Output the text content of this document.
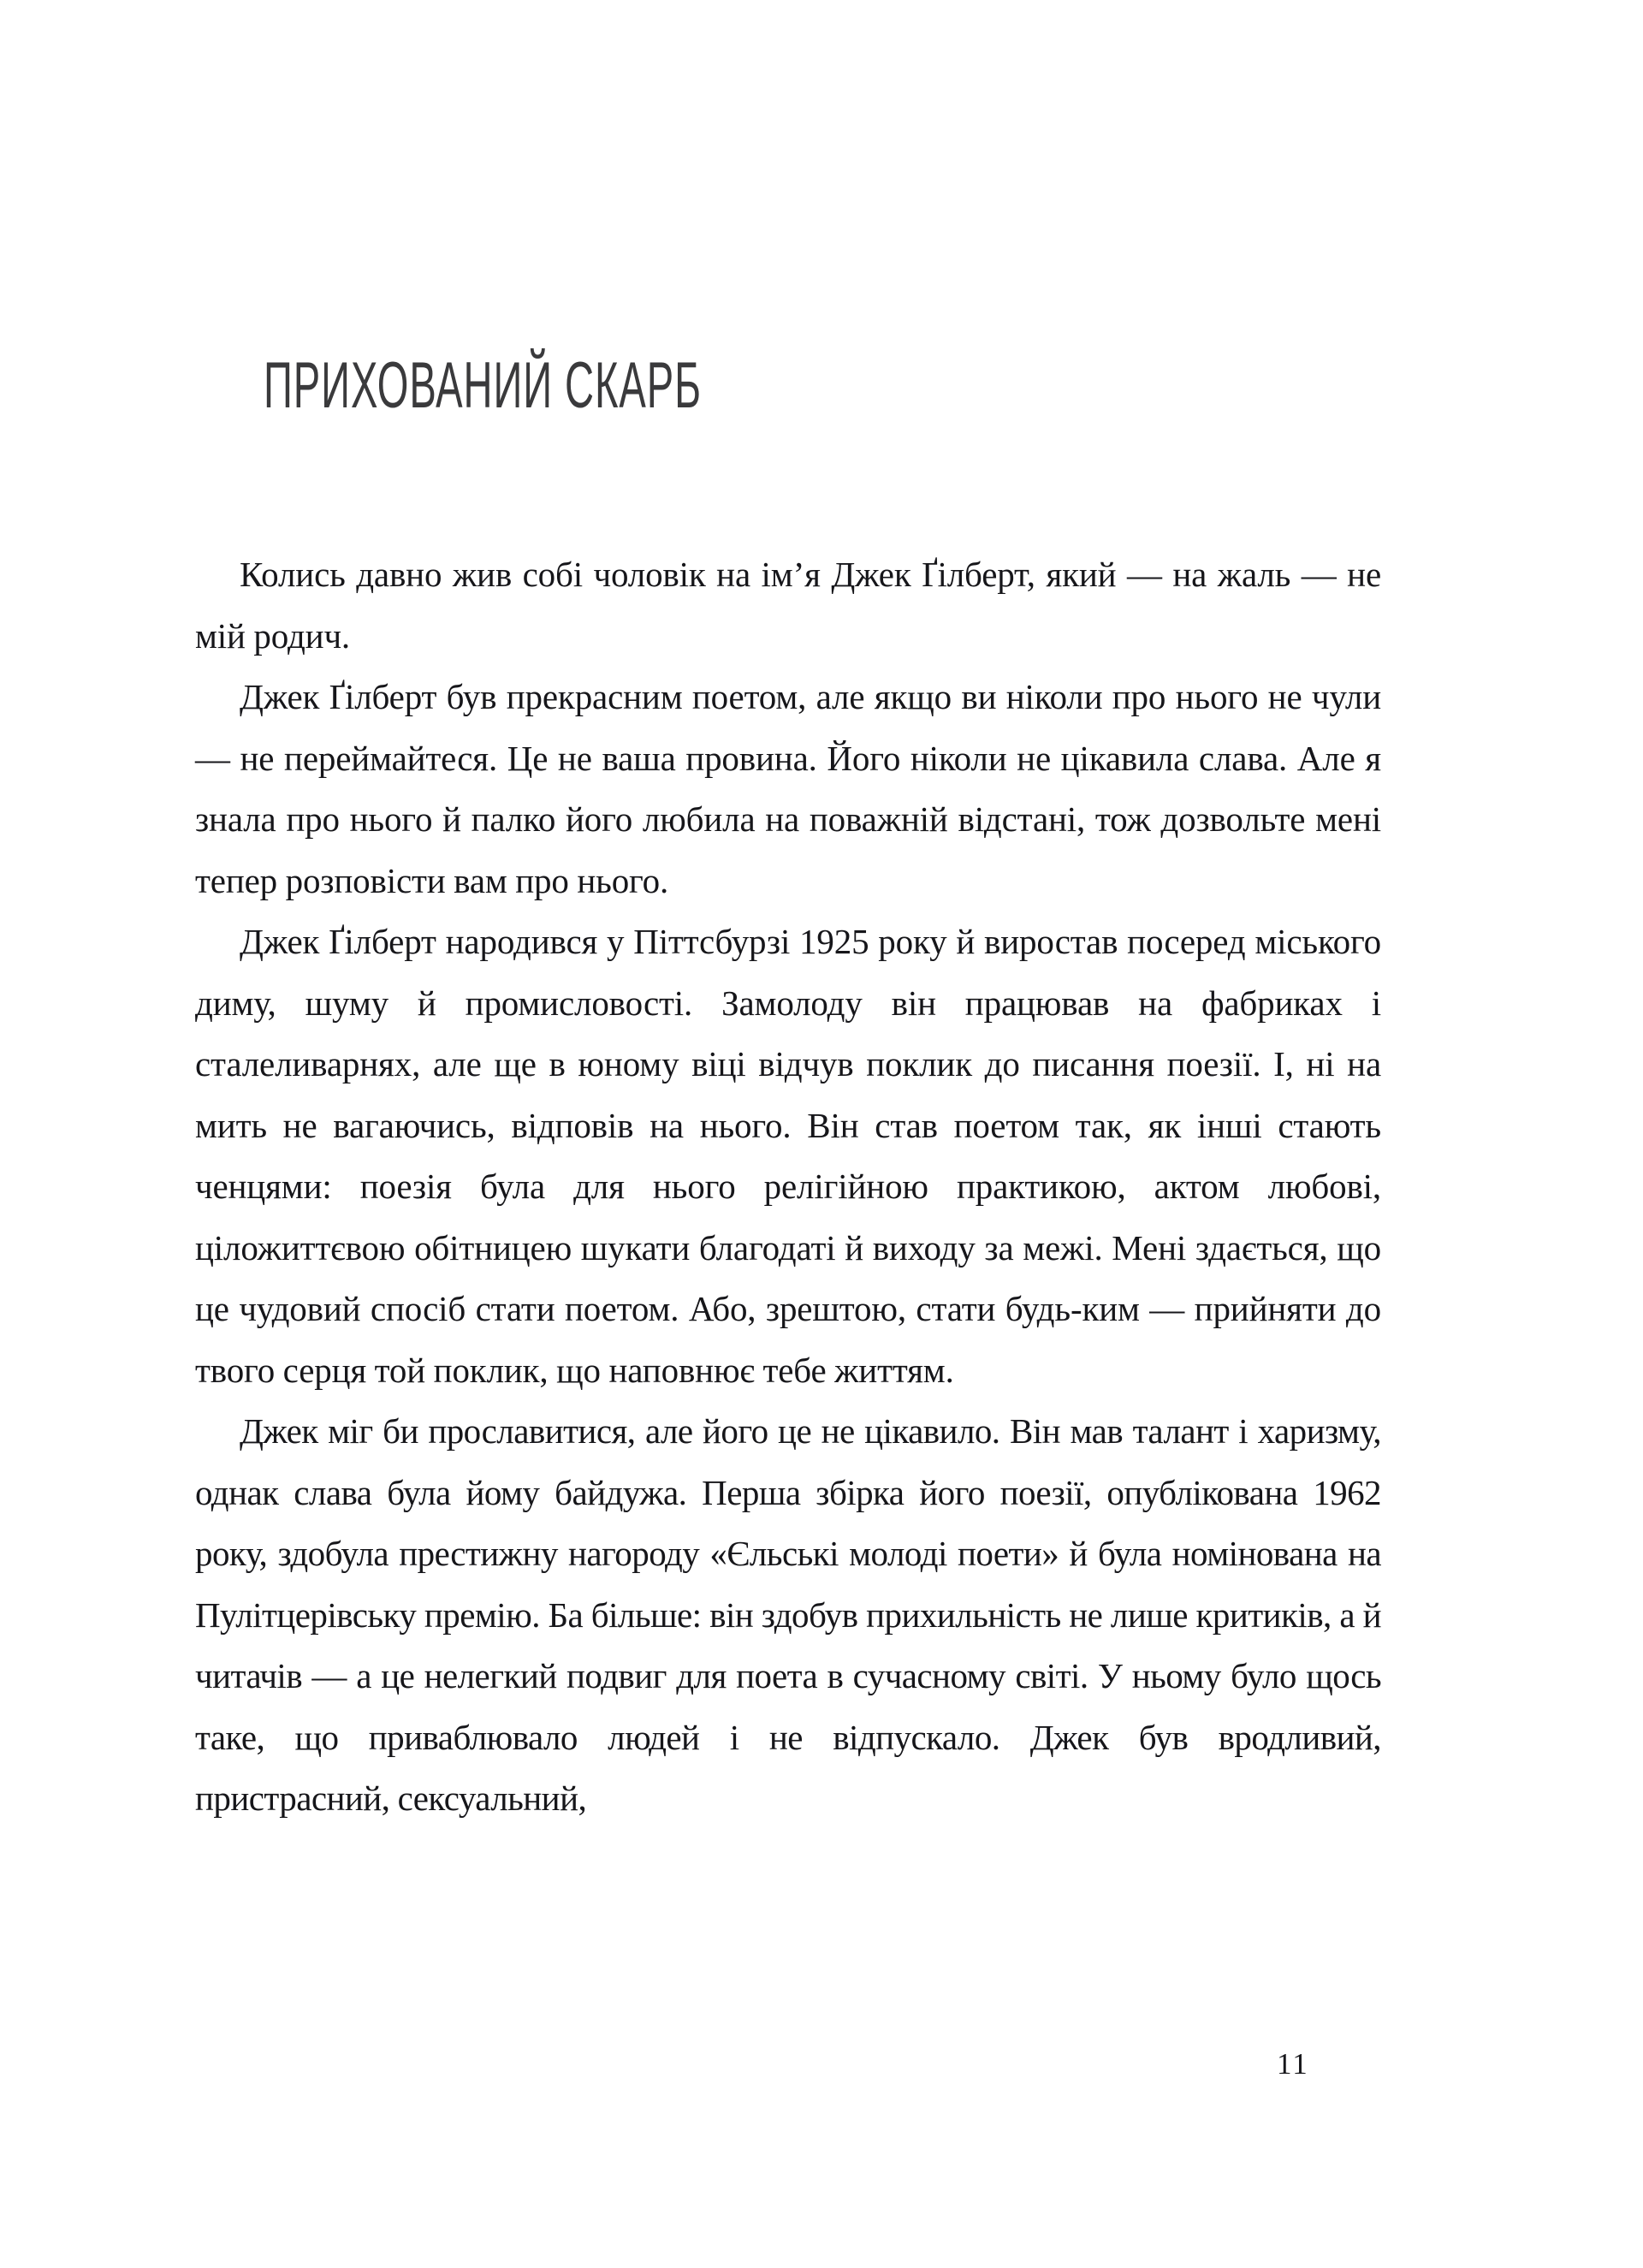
ПРИХОВАНИЙ СКАРБ

Колись давно жив собі чоловік на ім’я Джек Ґілберт, який — на жаль — не мій родич.

Джек Ґілберт був прекрасним поетом, але якщо ви ніколи про нього не чули — не переймайтеся. Це не ваша провина. Його ніколи не цікавила слава. Але я знала про нього й палко його любила на поважній відстані, тож дозвольте мені тепер розповісти вам про нього.

Джек Ґілберт народився у Піттсбурзі 1925 року й виростав посеред міського диму, шуму й промисловості. Замолоду він працював на фабриках і сталеливарнях, але ще в юному віці відчув поклик до писання поезії. І, ні на мить не вагаючись, відповів на нього. Він став поетом так, як інші стають ченцями: поезія була для нього релігійною практикою, актом любові, цiложиттєвою обітницею шукати благодаті й виходу за межі. Мені здається, що це чудовий спосіб стати поетом. Або, зрештою, стати будь-ким — прийняти до твого серця той поклик, що наповнює тебе життям.

Джек міг би прославитися, але його це не цікавило. Він мав талант і харизму, однак слава була йому байдужа. Перша збірка його поезії, опублікована 1962 року, здобула престижну нагороду «Єльські молоді поети» й була номінована на Пулітцерівську премію. Ба більше: він здобув прихильність не лише критиків, а й читачів — а це нелегкий подвиг для поета в сучасному світі. У ньому було щось таке, що приваблювало людей і не відпускало. Джек був вродливий, пристрасний, сексуальний,

11
